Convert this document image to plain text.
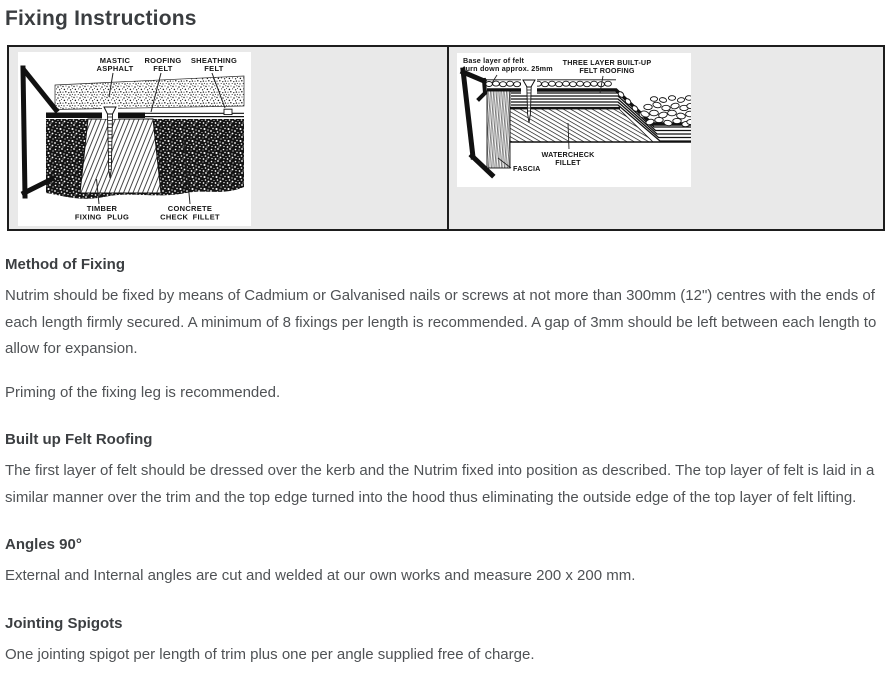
Fixing Instructions
MASTIC
ASPHALT
ROOFING
FELT
SHEATHING
FELT
TIMBER
FIXING PLUG
CONCRETE
CHECK FILLET
Base layer of felt
turn down approx. 25mm
THREE LAYER BUILT-UP
FELT ROOFING
WATERCHECK
FILLET
FASCIA
Method of Fixing

Nutrim should be fixed by means of Cadmium or Galvanised nails or screws at not more than 300mm (12") centres with the ends of each length firmly secured. A minimum of 8 fixings per length is recommended. A gap of 3mm should be left between each length to allow for expansion.

Priming of the fixing leg is recommended.

Built up Felt Roofing

The first layer of felt should be dressed over the kerb and the Nutrim fixed into position as described. The top layer of felt is laid in a similar manner over the trim and the top edge turned into the hood thus eliminating the outside edge of the top layer of felt lifting.

Angles 90°

External and Internal angles are cut and welded at our own works and measure 200 x 200 mm.

Jointing Spigots

One jointing spigot per length of trim plus one per angle supplied free of charge.
